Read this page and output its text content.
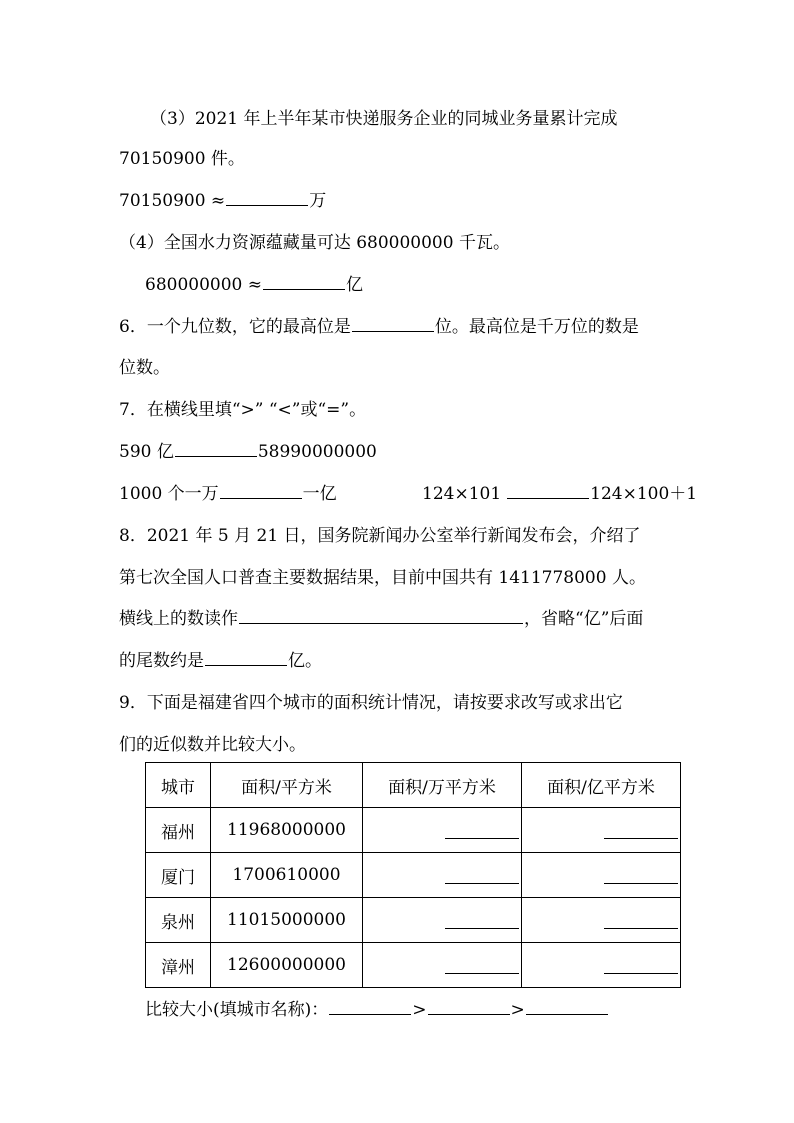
（3）2021 年上半年某市快递服务企业的同城业务量累计完成
70150900 件。
70150900 ≈	万
（4）全国水力资源蕴藏量可达 680000000 千瓦。
680000000 ≈	亿
6．一个九位数，它的最高位是	位。最高位是千万位的数是
位数。
7．在横线里填“>” “<”或“=”。
590 亿	58990000000
1000 个一万	一亿	124×101	124×100＋1
8．2021 年 5 月 21 日，国务院新闻办公室举行新闻发布会，介绍了
第七次全国人口普查主要数据结果，目前中国共有 1411778000 人。
横线上的数读作	，省略“亿”后面
的尾数约是	亿。
9．下面是福建省四个城市的面积统计情况，请按要求改写或求出它
们的近似数并比较大小。
城市	面积/平方米	面积/万平方米	面积/亿平方米
福州	11968000000		
厦门	1700610000		
泉州	11015000000		
漳州	12600000000		
比较大小(填城市名称)：	>	>
